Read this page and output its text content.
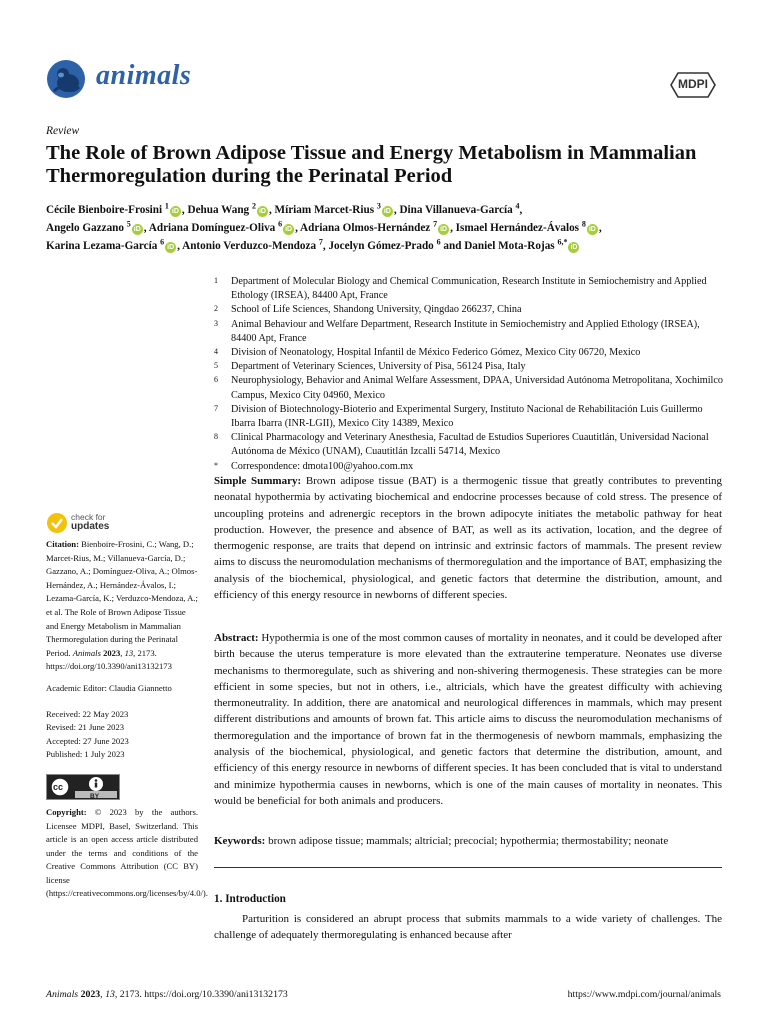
animals	MDPI
Review
The Role of Brown Adipose Tissue and Energy Metabolism in Mammalian Thermoregulation during the Perinatal Period
Cécile Bienboire-Frosini $^1$iD , Dehua Wang $^2$iD , Míriam Marcet-Rius $^3$iD , Dina Villanueva-García $^4$,
Angelo Gazzano $^5$iD , Adriana Domínguez-Oliva $^6$iD , Adriana Olmos-Hernández $^7$iD , Ismael Hernández-Ávalos $^8$iD ,
Karina Lezama-García $^6$iD , Antonio Verduzco-Mendoza $^7$, Jocelyn Gómez-Prado $^6$ and Daniel Mota-Rojas $^{6,*}$iD
1	Department of Molecular Biology and Chemical Communication, Research Institute in Semiochemistry and Applied Ethology (IRSEA), 84400 Apt, France
2	School of Life Sciences, Shandong University, Qingdao 266237, China
3	Animal Behaviour and Welfare Department, Research Institute in Semiochemistry and Applied Ethology (IRSEA), 84400 Apt, France
4	Division of Neonatology, Hospital Infantil de México Federico Gómez, Mexico City 06720, Mexico
5	Department of Veterinary Sciences, University of Pisa, 56124 Pisa, Italy
6	Neurophysiology, Behavior and Animal Welfare Assessment, DPAA, Universidad Autónoma Metropolitana, Xochimilco Campus, Mexico City 04960, Mexico
7	Division of Biotechnology-Bioterio and Experimental Surgery, Instituto Nacional de Rehabilitación Luis Guillermo Ibarra Ibarra (INR-LGII), Mexico City 14389, Mexico
8	Clinical Pharmacology and Veterinary Anesthesia, Facultad de Estudios Superiores Cuautitlán, Universidad Nacional Autónoma de México (UNAM), Cuautitlán Izcalli 54714, Mexico
*	Correspondence: dmota100@yahoo.com.mx
check for
updates
Citation: Bienboire-Frosini, C.; Wang, D.; Marcet-Rius, M.; Villanueva-García, D.; Gazzano, A.; Domínguez-Oliva, A.; Olmos-Hernández, A.; Hernández-Ávalos, I.; Lezama-García, K.; Verduzco-Mendoza, A.; et al. The Role of Brown Adipose Tissue and Energy Metabolism in Mammalian Thermoregulation during the Perinatal Period. Animals 2023, 13, 2173. https://doi.org/10.3390/ani13132173
Academic Editor: Claudia Giannetto
Received: 22 May 2023
Revised: 21 June 2023
Accepted: 27 June 2023
Published: 1 July 2023
cc
BY
Copyright: © 2023 by the authors. Licensee MDPI, Basel, Switzerland. This article is an open access article distributed under the terms and conditions of the Creative Commons Attribution (CC BY) license (https://creativecommons.org/licenses/by/4.0/).
Simple Summary: Brown adipose tissue (BAT) is a thermogenic tissue that greatly contributes to preventing neonatal hypothermia by activating biochemical and endocrine processes because of cold stress. The presence of uncoupling proteins and adrenergic receptors in the brown adipocyte initiates the metabolic pathway for heat production. However, the presence and absence of BAT, as well as its activation, location, and the degree of thermogenic response, are traits that depend on intrinsic and extrinsic factors of mammals. The present review aims to discuss the neuromodulation mechanisms of thermoregulation and the importance of BAT, emphasizing the analysis of the biochemical, physiological, and genetic factors that determine the distribution, amount, and efficiency of this energy resource in newborns of different species.
Abstract: Hypothermia is one of the most common causes of mortality in neonates, and it could be developed after birth because the uterus temperature is more elevated than the extrauterine temperature. Neonates use diverse mechanisms to thermoregulate, such as shivering and non-shivering thermogenesis. These strategies can be more efficient in some species, but not in others, i.e., altricials, which have the greatest difficulty with achieving thermoneutrality. In addition, there are anatomical and neurological differences in mammals, which may present different distributions and amounts of brown fat. This article aims to discuss the neuromodulation mechanisms of thermoregulation and the importance of brown fat in the thermogenesis of newborn mammals, emphasizing the analysis of the biochemical, physiological, and genetic factors that determine the distribution, amount, and efficiency of this energy resource in newborns of different species. It has been concluded that is vital to understand and minimize hypothermia causes in newborns, which is one of the main causes of mortality in neonates. This would be beneficial for both animals and producers.
Keywords: brown adipose tissue; mammals; altricial; precocial; hypothermia; thermostability; neonate
1. Introduction
Parturition is considered an abrupt process that submits mammals to a wide variety of challenges. The challenge of adequately thermoregulating is enhanced because after
Animals 2023, 13, 2173. https://doi.org/10.3390/ani13132173	https://www.mdpi.com/journal/animals
